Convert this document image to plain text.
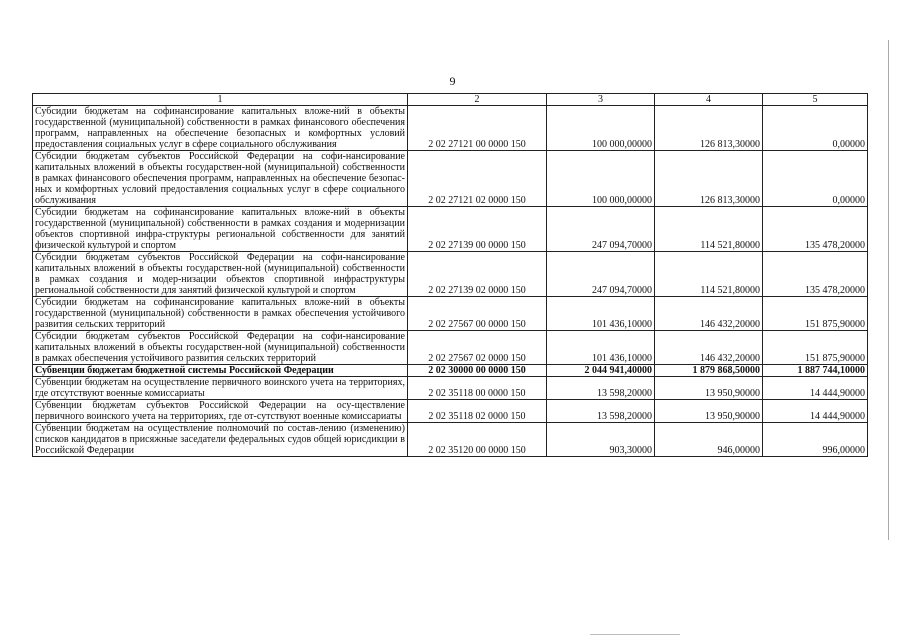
9
1	2	3	4	5
Субсидии бюджетам на софинансирование капитальных вложе-ний в объекты государственной (муниципальной) собственности в рамках финансового обеспечения программ, направленных на обеспечение безопасных и комфортных условий предоставления социальных услуг в сфере социального обслуживания	2 02 27121 00 0000 150	100 000,00000	126 813,30000	0,00000
Субсидии бюджетам субъектов Российской Федерации на софи-нансирование капитальных вложений в объекты государствен-ной (муниципальной) собственности в рамках финансового обеспечения программ, направленных на обеспечение безопас-ных и комфортных условий предоставления социальных услуг в сфере социального обслуживания	2 02 27121 02 0000 150	100 000,00000	126 813,30000	0,00000
Субсидии бюджетам на софинансирование капитальных вложе-ний в объекты государственной (муниципальной) собственности в рамках создания и модернизации объектов спортивной инфра-структуры региональной собственности для занятий физической культурой и спортом	2 02 27139 00 0000 150	247 094,70000	114 521,80000	135 478,20000
Субсидии бюджетам субъектов Российской Федерации на софи-нансирование капитальных вложений в объекты государствен-ной (муниципальной) собственности в рамках создания и модер-низации объектов спортивной инфраструктуры региональной собственности для занятий физической культурой и спортом	2 02 27139 02 0000 150	247 094,70000	114 521,80000	135 478,20000
Субсидии бюджетам на софинансирование капитальных вложе-ний в объекты государственной (муниципальной) собственности в рамках обеспечения устойчивого развития сельских территорий	2 02 27567 00 0000 150	101 436,10000	146 432,20000	151 875,90000
Субсидии бюджетам субъектов Российской Федерации на софи-нансирование капитальных вложений в объекты государствен-ной (муниципальной) собственности в рамках обеспечения устойчивого развития сельских территорий	2 02 27567 02 0000 150	101 436,10000	146 432,20000	151 875,90000
Субвенции бюджетам бюджетной системы Российской Федерации	2 02 30000 00 0000 150	2 044 941,40000	1 879 868,50000	1 887 744,10000
Субвенции бюджетам на осуществление первичного воинского учета на территориях, где отсутствуют военные комиссариаты	2 02 35118 00 0000 150	13 598,20000	13 950,90000	14 444,90000
Субвенции бюджетам субъектов Российской Федерации на осу-ществление первичного воинского учета на территориях, где от-сутствуют военные комиссариаты	2 02 35118 02 0000 150	13 598,20000	13 950,90000	14 444,90000
Субвенции бюджетам на осуществление полномочий по состав-лению (изменению) списков кандидатов в присяжные заседатели федеральных судов общей юрисдикции в Российской Федерации	2 02 35120 00 0000 150	903,30000	946,00000	996,00000
